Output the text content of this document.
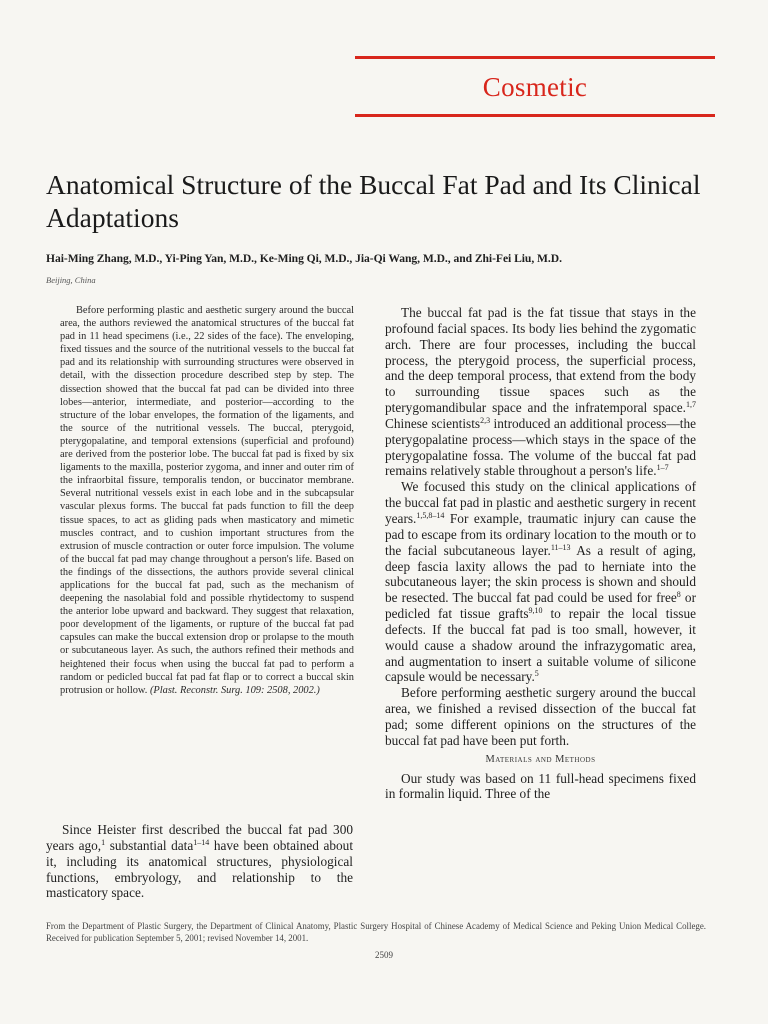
Cosmetic
Anatomical Structure of the Buccal Fat Pad and Its Clinical Adaptations
Hai-Ming Zhang, M.D., Yi-Ping Yan, M.D., Ke-Ming Qi, M.D., Jia-Qi Wang, M.D., and Zhi-Fei Liu, M.D.
Beijing, China

Before performing plastic and aesthetic surgery around the buccal area, the authors reviewed the anatomical structures of the buccal fat pad in 11 head specimens (i.e., 22 sides of the face). The enveloping, fixed tissues and the source of the nutritional vessels to the buccal fat pad and its relationship with surrounding structures were observed in detail, with the dissection procedure described step by step. The dissection showed that the buccal fat pad can be divided into three lobes—anterior, intermediate, and posterior—according to the structure of the lobar envelopes, the formation of the ligaments, and the source of the nutritional vessels. The buccal, pterygoid, pterygopalatine, and temporal extensions (superficial and profound) are derived from the posterior lobe. The buccal fat pad is fixed by six ligaments to the maxilla, posterior zygoma, and inner and outer rim of the infraorbital fissure, temporalis tendon, or buccinator membrane. Several nutritional vessels exist in each lobe and in the subcapsular vascular plexus forms. The buccal fat pads function to fill the deep tissue spaces, to act as gliding pads when masticatory and mimetic muscles contract, and to cushion important structures from the extrusion of muscle contraction or outer force impulsion. The volume of the buccal fat pad may change throughout a person's life. Based on the findings of the dissections, the authors provide several clinical applications for the buccal fat pad, such as the mechanism of deepening the nasolabial fold and possible rhytidectomy to suspend the anterior lobe upward and backward. They suggest that relaxation, poor development of the ligaments, or rupture of the buccal fat pad capsules can make the buccal extension drop or prolapse to the mouth or subcutaneous layer. As such, the authors refined their methods and heightened their focus when using the buccal fat pad to perform a random or pedicled buccal fat pad fat flap or to correct a buccal skin protrusion or hollow. (Plast. Reconstr. Surg. 109: 2508, 2002.)

Since Heister first described the buccal fat pad 300 years ago,$^1$ substantial data$^{1-14}$ have been obtained about it, including its anatomical structures, physiological functions, embryology, and relationship to the masticatory space.

The buccal fat pad is the fat tissue that stays in the profound facial spaces. Its body lies behind the zygomatic arch. There are four processes, including the buccal process, the pterygoid process, the superficial process, and the deep temporal process, that extend from the body to surrounding tissue spaces such as the pterygomandibular space and the infratemporal space.$^{1,7}$ Chinese scientists$^{2,3}$ introduced an additional process—the pterygopalatine process—which stays in the space of the pterygopalatine fossa. The volume of the buccal fat pad remains relatively stable throughout a person's life.$^{1-7}$

We focused this study on the clinical applications of the buccal fat pad in plastic and aesthetic surgery in recent years.$^{1,5,8-14}$ For example, traumatic injury can cause the pad to escape from its ordinary location to the mouth or to the facial subcutaneous layer.$^{11-13}$ As a result of aging, deep fascia laxity allows the pad to herniate into the subcutaneous layer; the skin process is shown and should be resected. The buccal fat pad could be used for free$^8$ or pedicled fat tissue grafts$^{9,10}$ to repair the local tissue defects. If the buccal fat pad is too small, however, it would cause a shadow around the infrazygomatic area, and augmentation to insert a suitable volume of silicone capsule would be necessary.$^5$

Before performing aesthetic surgery around the buccal area, we finished a revised dissection of the buccal fat pad; some different opinions on the structures of the buccal fat pad have been put forth.

Materials and Methods

Our study was based on 11 full-head specimens fixed in formalin liquid. Three of the

From the Department of Plastic Surgery, the Department of Clinical Anatomy, Plastic Surgery Hospital of Chinese Academy of Medical Science and Peking Union Medical College. Received for publication September 5, 2001; revised November 14, 2001.
2509
